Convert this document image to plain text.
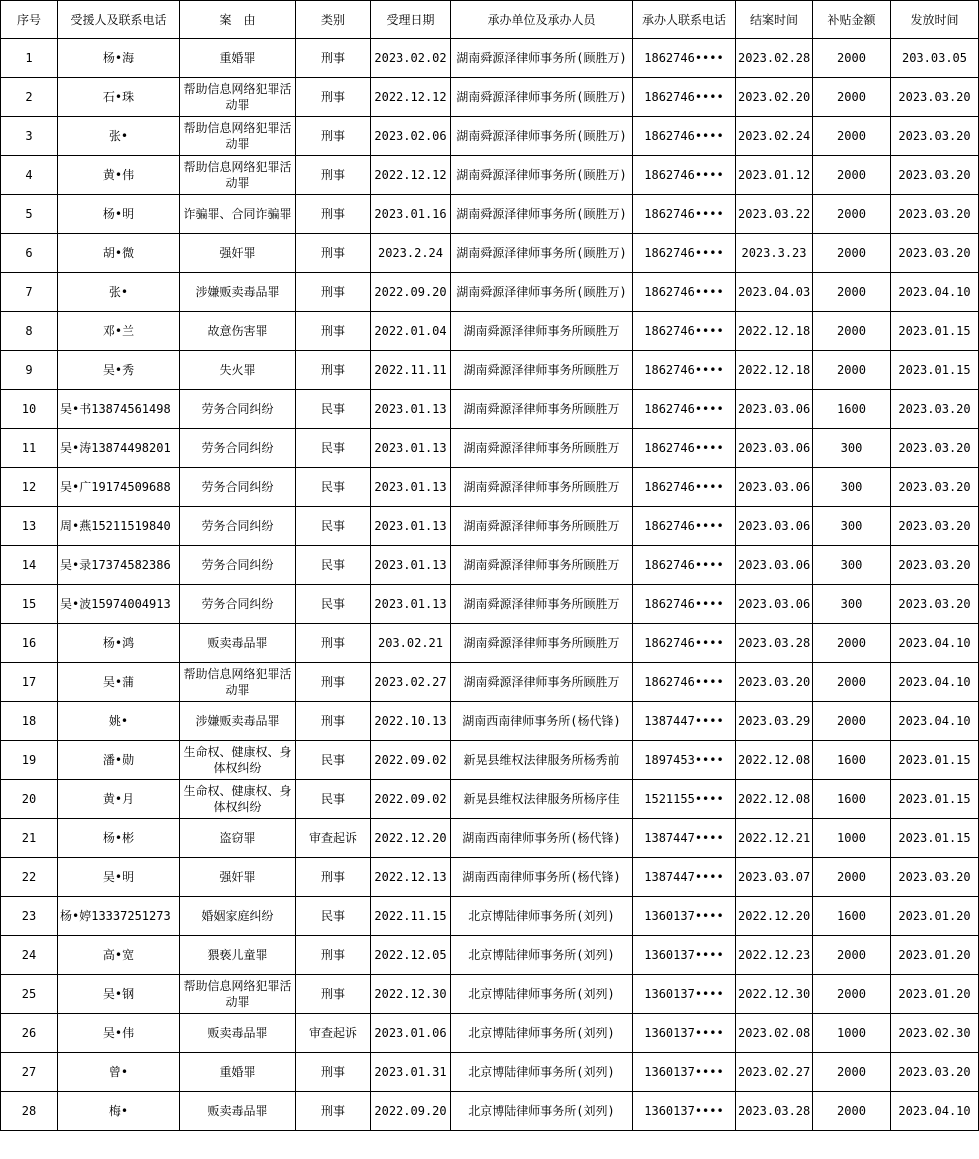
序号	受援人及联系电话	案　由	类别	受理日期	承办单位及承办人员	承办人联系电话	结案时间	补贴金额	发放时间
1	杨•海	重婚罪	刑事	2023.02.02	湖南舜源泽律师事务所(顾胜万)	1862746••••	2023.02.28	2000	203.03.05
2	石•珠	帮助信息网络犯罪活动罪	刑事	2022.12.12	湖南舜源泽律师事务所(顾胜万)	1862746••••	2023.02.20	2000	2023.03.20
3	张•	帮助信息网络犯罪活动罪	刑事	2023.02.06	湖南舜源泽律师事务所(顾胜万)	1862746••••	2023.02.24	2000	2023.03.20
4	黄•伟	帮助信息网络犯罪活动罪	刑事	2022.12.12	湖南舜源泽律师事务所(顾胜万)	1862746••••	2023.01.12	2000	2023.03.20
5	杨•明	诈骗罪、合同诈骗罪	刑事	2023.01.16	湖南舜源泽律师事务所(顾胜万)	1862746••••	2023.03.22	2000	2023.03.20
6	胡•微	强奸罪	刑事	2023.2.24	湖南舜源泽律师事务所(顾胜万)	1862746••••	2023.3.23	2000	2023.03.20
7	张•	涉嫌贩卖毒品罪	刑事	2022.09.20	湖南舜源泽律师事务所(顾胜万)	1862746••••	2023.04.03	2000	2023.04.10
8	邓•兰	故意伤害罪	刑事	2022.01.04	湖南舜源泽律师事务所顾胜万	1862746••••	2022.12.18	2000	2023.01.15
9	吴•秀	失火罪	刑事	2022.11.11	湖南舜源泽律师事务所顾胜万	1862746••••	2022.12.18	2000	2023.01.15
10	吴•书13874561498	劳务合同纠纷	民事	2023.01.13	湖南舜源泽律师事务所顾胜万	1862746••••	2023.03.06	1600	2023.03.20
11	吴•涛13874498201	劳务合同纠纷	民事	2023.01.13	湖南舜源泽律师事务所顾胜万	1862746••••	2023.03.06	300	2023.03.20
12	吴•广19174509688	劳务合同纠纷	民事	2023.01.13	湖南舜源泽律师事务所顾胜万	1862746••••	2023.03.06	300	2023.03.20
13	周•燕15211519840	劳务合同纠纷	民事	2023.01.13	湖南舜源泽律师事务所顾胜万	1862746••••	2023.03.06	300	2023.03.20
14	吴•录17374582386	劳务合同纠纷	民事	2023.01.13	湖南舜源泽律师事务所顾胜万	1862746••••	2023.03.06	300	2023.03.20
15	吴•波15974004913	劳务合同纠纷	民事	2023.01.13	湖南舜源泽律师事务所顾胜万	1862746••••	2023.03.06	300	2023.03.20
16	杨•鸿	贩卖毒品罪	刑事	203.02.21	湖南舜源泽律师事务所顾胜万	1862746••••	2023.03.28	2000	2023.04.10
17	吴•蒲	帮助信息网络犯罪活动罪	刑事	2023.02.27	湖南舜源泽律师事务所顾胜万	1862746••••	2023.03.20	2000	2023.04.10
18	姚•	涉嫌贩卖毒品罪	刑事	2022.10.13	湖南西南律师事务所(杨代锋)	1387447••••	2023.03.29	2000	2023.04.10
19	潘•勋	生命权、健康权、身体权纠纷	民事	2022.09.02	新晃县维权法律服务所杨秀前	1897453••••	2022.12.08	1600	2023.01.15
20	黄•月	生命权、健康权、身体权纠纷	民事	2022.09.02	新晃县维权法律服务所杨序佳	1521155••••	2022.12.08	1600	2023.01.15
21	杨•彬	盗窃罪	审查起诉	2022.12.20	湖南西南律师事务所(杨代锋)	1387447••••	2022.12.21	1000	2023.01.15
22	吴•明	强奸罪	刑事	2022.12.13	湖南西南律师事务所(杨代锋)	1387447••••	2023.03.07	2000	2023.03.20
23	杨•婷13337251273	婚姻家庭纠纷	民事	2022.11.15	北京博陆律师事务所(刘列)	1360137••••	2022.12.20	1600	2023.01.20
24	高•宽	猥亵儿童罪	刑事	2022.12.05	北京博陆律师事务所(刘列)	1360137••••	2022.12.23	2000	2023.01.20
25	吴•钢	帮助信息网络犯罪活动罪	刑事	2022.12.30	北京博陆律师事务所(刘列)	1360137••••	2022.12.30	2000	2023.01.20
26	吴•伟	贩卖毒品罪	审查起诉	2023.01.06	北京博陆律师事务所(刘列)	1360137••••	2023.02.08	1000	2023.02.30
27	曾•	重婚罪	刑事	2023.01.31	北京博陆律师事务所(刘列)	1360137••••	2023.02.27	2000	2023.03.20
28	梅•	贩卖毒品罪	刑事	2022.09.20	北京博陆律师事务所(刘列)	1360137••••	2023.03.28	2000	2023.04.10
